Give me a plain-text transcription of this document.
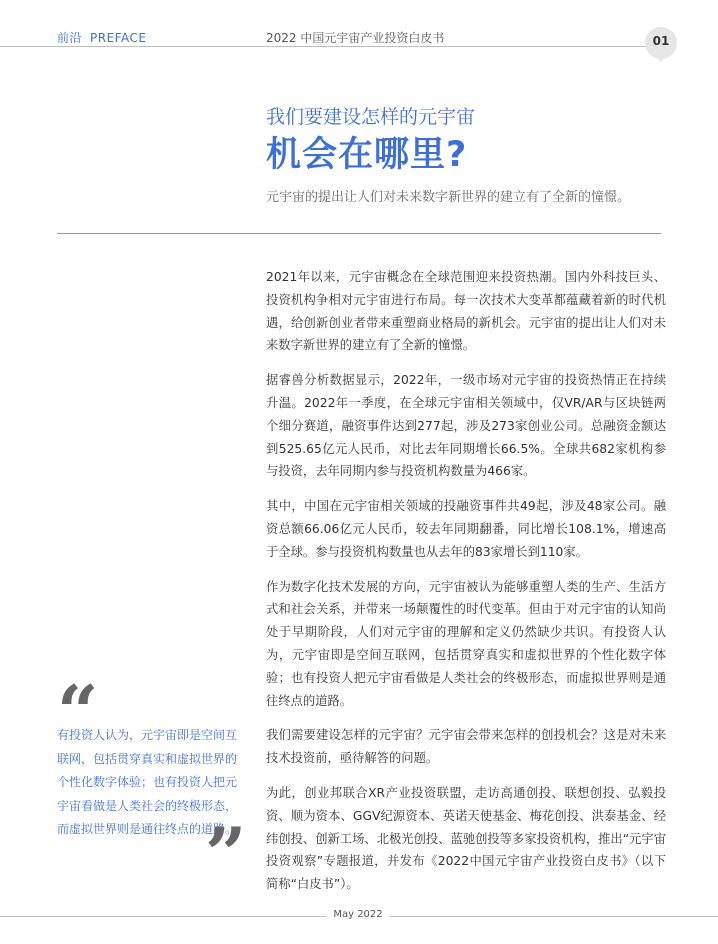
前沿 PREFACE	2022 中国元宇宙产业投资白皮书	01
我们要建设怎样的元宇宙
机会在哪里?
元宇宙的提出让人们对未来数字新世界的建立有了全新的憧憬。

2021年以来，元宇宙概念在全球范围迎来投资热潮。国内外科技巨头、投资机构争相对元宇宙进行布局。每一次技术大变革都蕴藏着新的时代机遇，给创新创业者带来重塑商业格局的新机会。元宇宙的提出让人们对未来数字新世界的建立有了全新的憧憬。

据睿兽分析数据显示，2022年，一级市场对元宇宙的投资热情正在持续升温。2022年一季度，在全球元宇宙相关领域中，仅VR/AR与区块链两个细分赛道，融资事件达到277起，涉及273家创业公司。总融资金额达到525.65亿元人民币，对比去年同期增长66.5%。全球共682家机构参与投资，去年同期内参与投资机构数量为466家。

其中，中国在元宇宙相关领域的投融资事件共49起，涉及48家公司。融资总额66.06亿元人民币，较去年同期翻番，同比增长108.1%，增速高于全球。参与投资机构数量也从去年的83家增长到110家。

作为数字化技术发展的方向，元宇宙被认为能够重塑人类的生产、生活方式和社会关系，并带来一场颠覆性的时代变革。但由于对元宇宙的认知尚处于早期阶段，人们对元宇宙的理解和定义仍然缺少共识。有投资人认为，元宇宙即是空间互联网，包括贯穿真实和虚拟世界的个性化数字体验；也有投资人把元宇宙看做是人类社会的终极形态，而虚拟世界则是通往终点的道路。

我们需要建设怎样的元宇宙？元宇宙会带来怎样的创投机会？这是对未来技术投资前，亟待解答的问题。

为此，创业邦联合XR产业投资联盟，走访高通创投、联想创投、弘毅投资、顺为资本、GGV纪源资本、英诺天使基金、梅花创投、洪泰基金、经纬创投、创新工场、北极光创投、蓝驰创投等多家投资机构，推出“元宇宙投资观察”专题报道，并发布《2022中国元宇宙产业投资白皮书》（以下简称“白皮书”）。

“
有投资人认为，元宇宙即是空间互联网，包括贯穿真实和虚拟世界的个性化数字体验；也有投资人把元宇宙看做是人类社会的终极形态，而虚拟世界则是通往终点的道路。
”
May 2022
